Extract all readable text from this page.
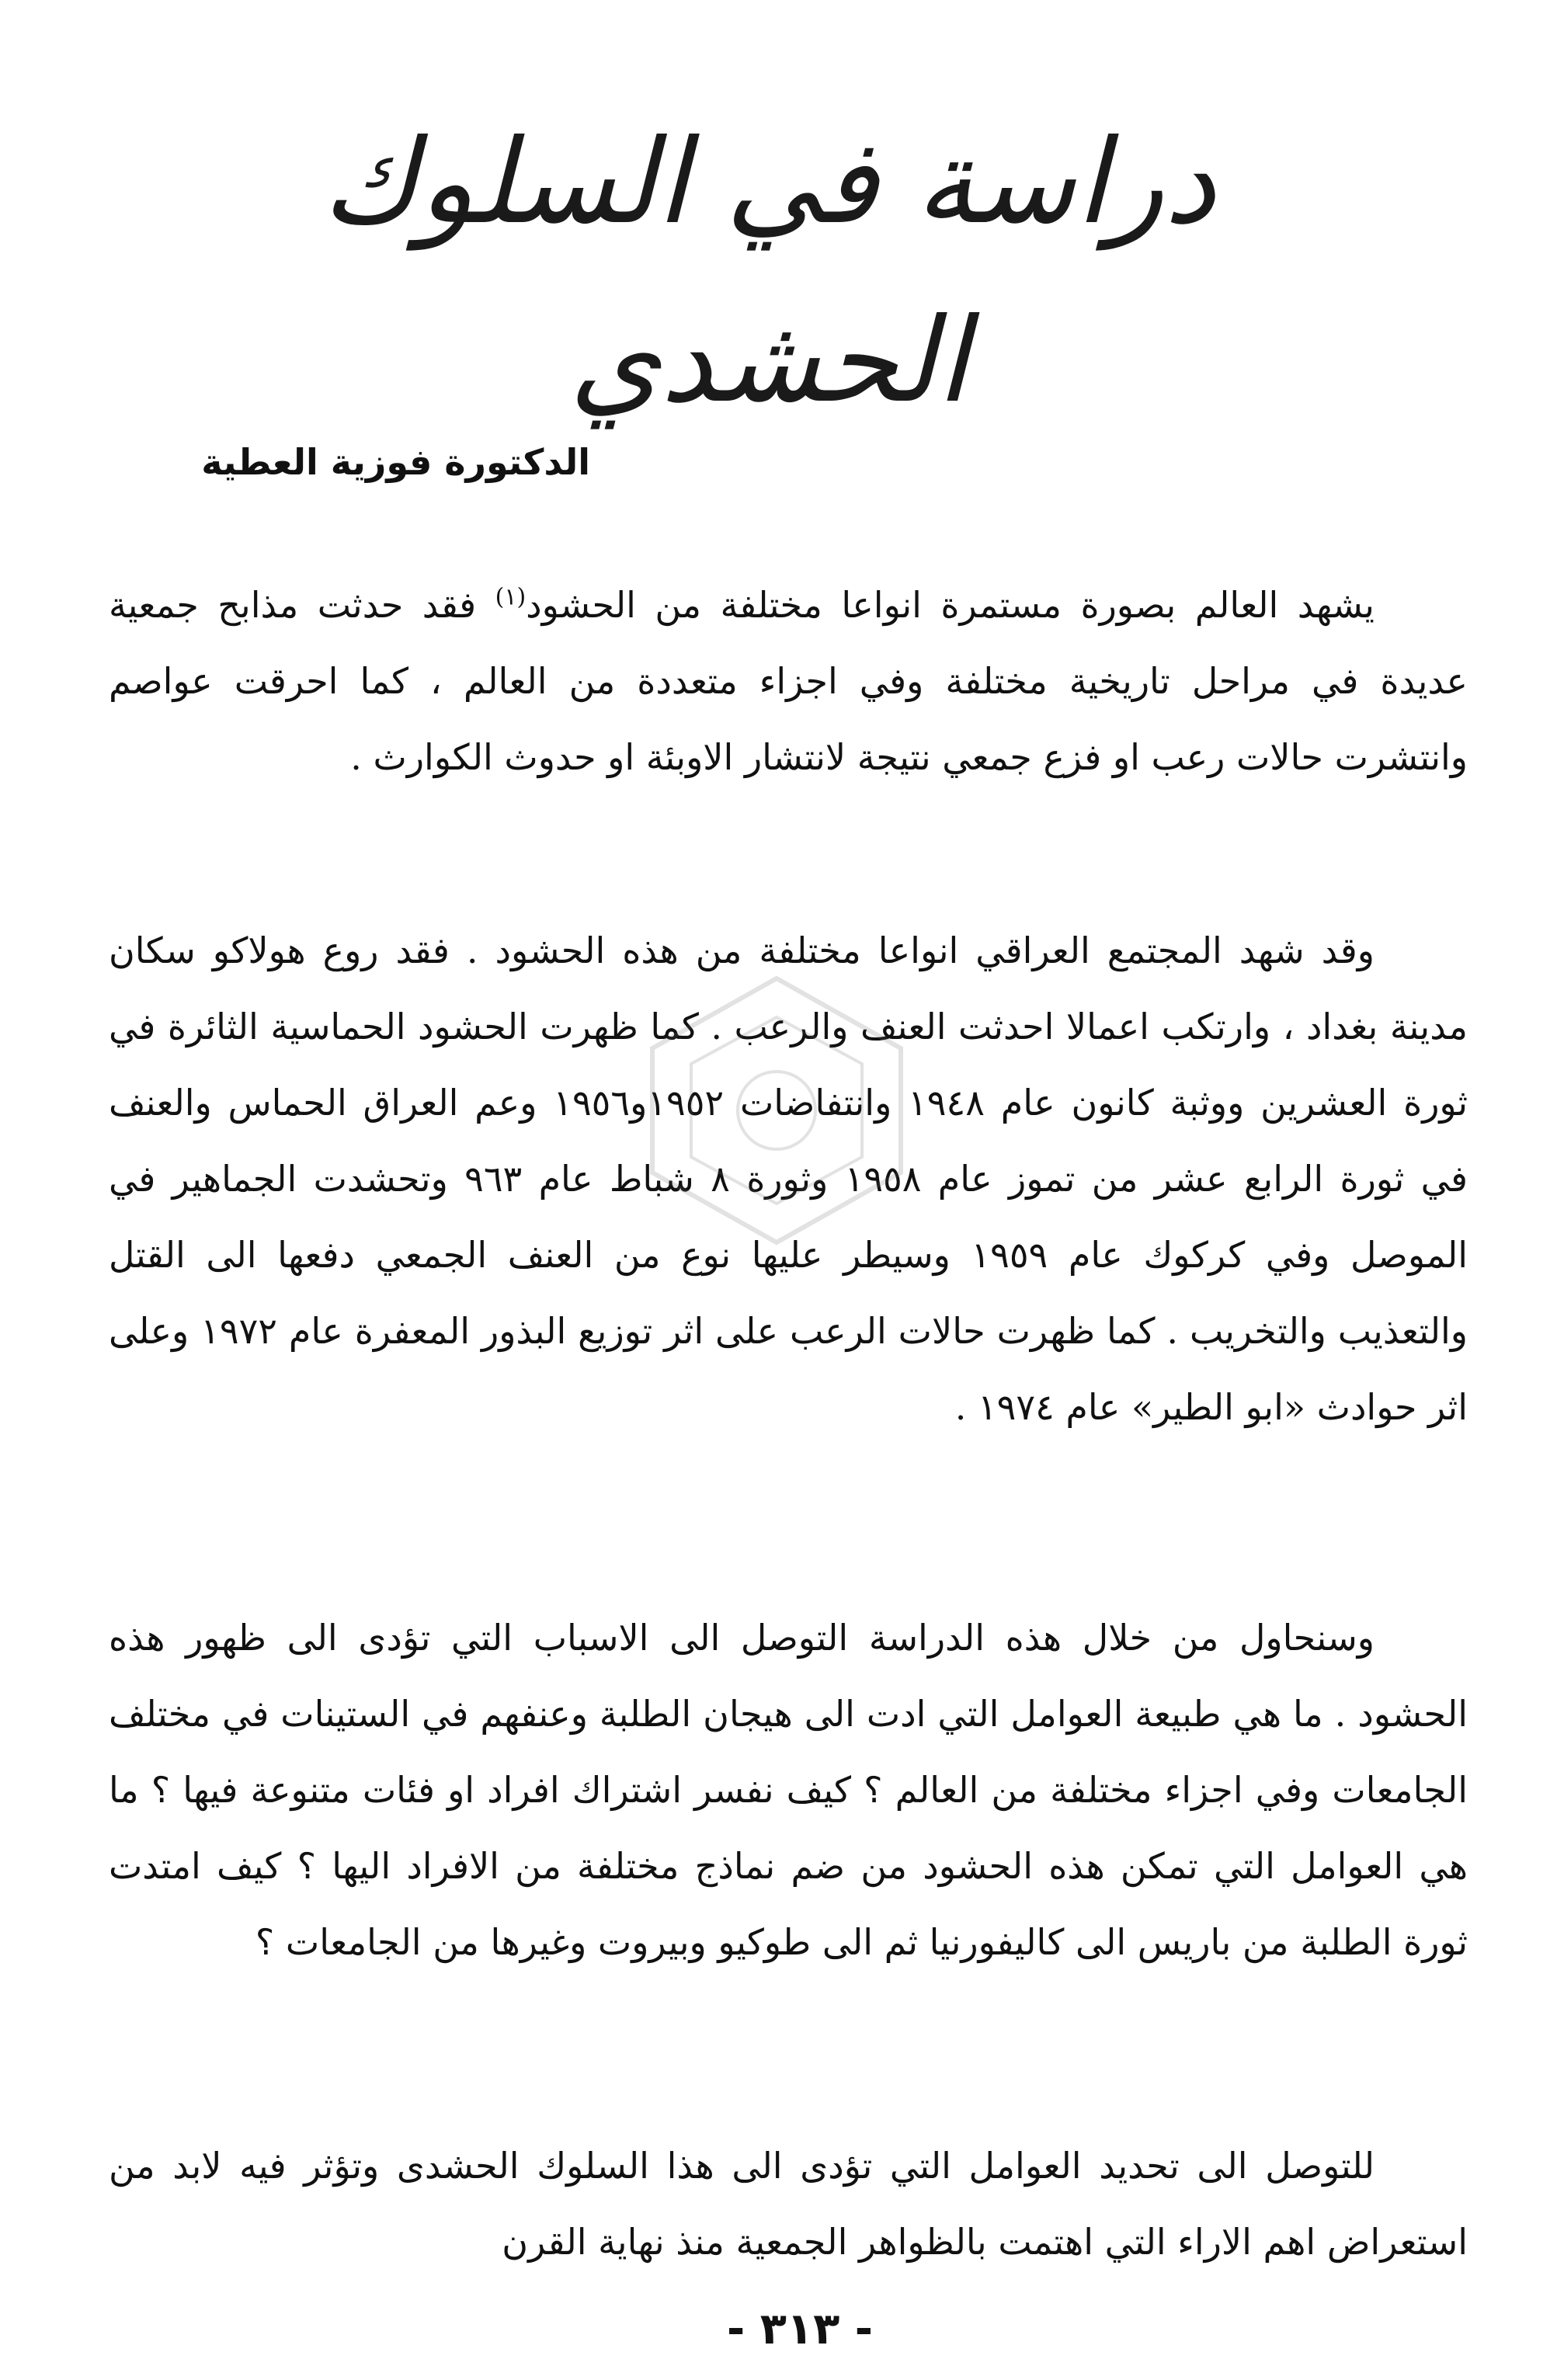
دراسة في السلوك الحشدي
الدكتورة فوزية العطية

يشهد العالم بصورة مستمرة انواعا مختلفة من الحشود$^{(١)}$ فقد حدثت مذابح جمعية عديدة في مراحل تاريخية مختلفة وفي اجزاء متعددة من العالم ، كما احرقت عواصم وانتشرت حالات رعب او فزع جمعي نتيجة لانتشار الاوبئة او حدوث الكوارث .

وقد شهد المجتمع العراقي انواعا مختلفة من هذه الحشود . فقد روع هولاكو سكان مدينة بغداد ، وارتكب اعمالا احدثت العنف والرعب . كما ظهرت الحشود الحماسية الثائرة في ثورة العشرين ووثبة كانون عام ١٩٤٨ وانتفاضات ١٩٥٢و١٩٥٦ وعم العراق الحماس والعنف في ثورة الرابع عشر من تموز عام ١٩٥٨ وثورة ٨ شباط عام ٩٦٣ وتحشدت الجماهير في الموصل وفي كركوك عام ١٩٥٩ وسيطر عليها نوع من العنف الجمعي دفعها الى القتل والتعذيب والتخريب . كما ظهرت حالات الرعب على اثر توزيع البذور المعفرة عام ١٩٧٢ وعلى اثر حوادث «ابو الطير» عام ١٩٧٤ .

وسنحاول من خلال هذه الدراسة التوصل الى الاسباب التي تؤدى الى ظهور هذه الحشود . ما هي طبيعة العوامل التي ادت الى هيجان الطلبة وعنفهم في الستينات في مختلف الجامعات وفي اجزاء مختلفة من العالم ؟ كيف نفسر اشتراك افراد او فئات متنوعة فيها ؟ ما هي العوامل التي تمكن هذه الحشود من ضم نماذج مختلفة من الافراد اليها ؟ كيف امتدت ثورة الطلبة من باريس الى كاليفورنيا ثم الى طوكيو وبيروت وغيرها من الجامعات ؟

للتوصل الى تحديد العوامل التي تؤدى الى هذا السلوك الحشدى وتؤثر فيه لابد من استعراض اهم الاراء التي اهتمت بالظواهر الجمعية منذ نهاية القرن

- ٣١٣ -
